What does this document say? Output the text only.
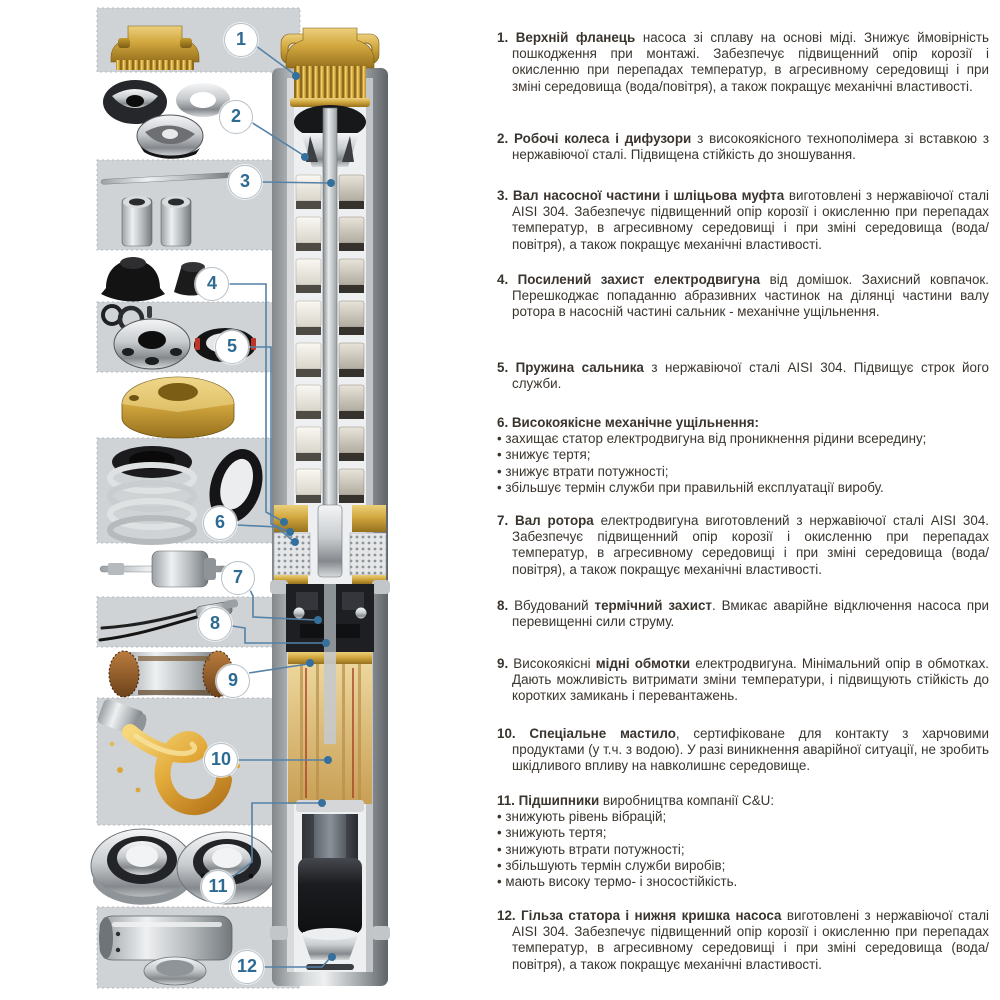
1. Верхній фланець насоса зі сплаву на основі міді. Знижує ймовірність пошкодження при монтажі. Забезпечує підвищенний опір корозії і окисленню при перепадах температур, в агресивному середовищі і при зміні середовища (вода/повітря), а також покращує механічні властивості.

2. Робочі колеса і дифузори з високоякісного технополімера зі вставкою з нержавіючої сталі. Підвищена стійкість до зношування.

3. Вал насосної частини і шліцьова муфта виготовлені з нержавіючої сталі AISI 304. Забезпечує підвищенний опір корозії і окисленню при перепадах температур, в агресивному середовищі і при зміні середовища (вода/повітря), а також покращує механічні властивості.

4. Посилений захист електродвигуна від домішок. Захисний ковпачок. Перешкоджає попаданню абразивних частинок на ділянці частини валу ротора в насосній частині сальник - механічне ущільнення.

5. Пружина сальника з нержавіючої сталі AISI 304. Підвищує строк його служби.

6. Високоякісне механічне ущільнення:

• захищає статор електродвигуна від проникнення рідини всередину;
• знижує тертя;
• знижує втрати потужності;
• збільшує термін служби при правильній експлуатації виробу.

7. Вал ротора електродвигуна виготовлений з нержавіючої сталі AISI 304. Забезпечує підвищенний опір корозії і окисленню при перепадах температур, в агресивному середовищі і при зміні середовища (вода/повітря), а також покращує механічні властивості.

8. Вбудований термічний захист. Вмикає аварійне відключення насоса при перевищенні сили струму.

9. Високоякісні мідні обмотки електродвигуна. Мінімальний опір в обмотках. Дають можливість витримати зміни температури, і підвищують стійкість до коротких замикань і перевантажень.

10. Спеціальне мастило, сертифіковане для контакту з харчовими продуктами (у т.ч. з водою). У разі виникнення аварійної ситуації, не зробить шкідливого впливу на навколишнє середовище.

11. Підшипники виробництва компанії C&U:

• знижують рівень вібрацій;
• знижують тертя;
• знижують втрати потужності;
• збільшують термін служби виробів;
• мають високу термо- і зносостійкість.

12. Гільза статора і нижня кришка насоса виготовлені з нержавіючої сталі AISI 304. Забезпечує підвищенний опір корозії і окисленню при перепадах температур, в агресивному середовищі і при зміні середовища (вода/повітря), а також покращує механічні властивості.

1
2
3
4
5
6
7
8
9
10
11
12
